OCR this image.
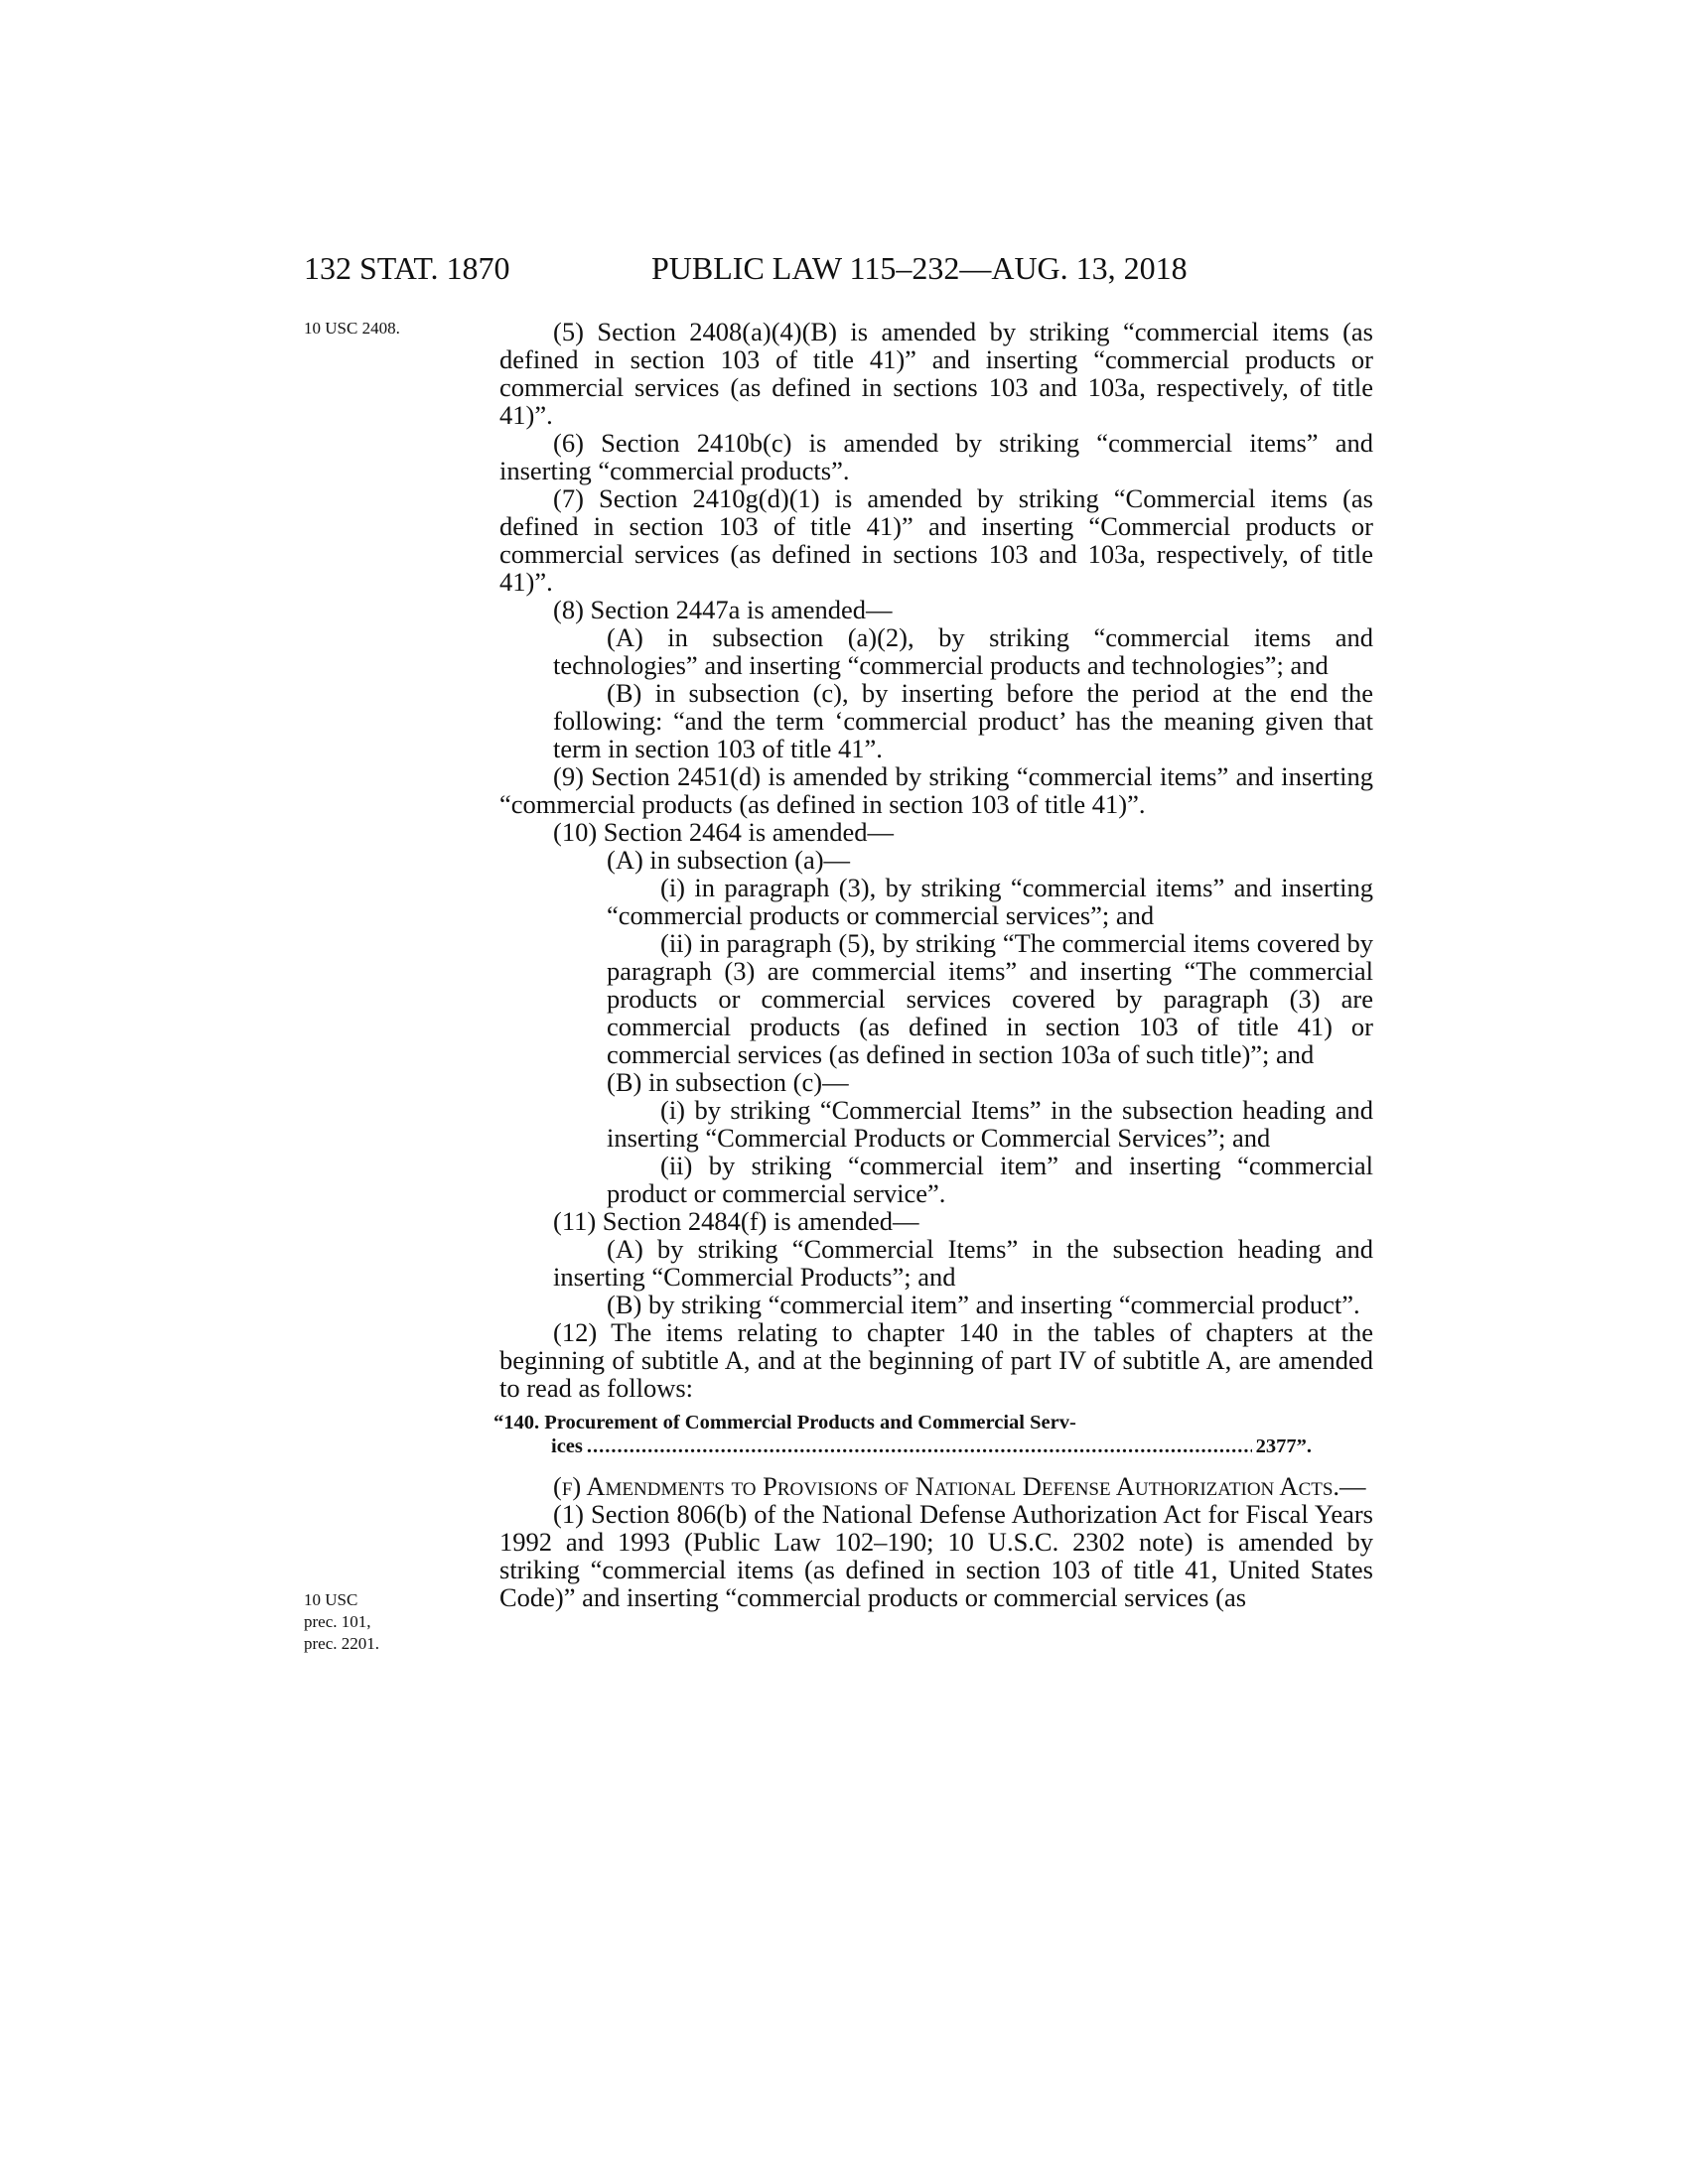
132 STAT. 1870	PUBLIC LAW 115–232—AUG. 13, 2018
10 USC 2408.
10 USC
prec. 101,
prec. 2201.

(5) Section 2408(a)(4)(B) is amended by striking “commercial items (as defined in section 103 of title 41)” and inserting “commercial products or commercial services (as defined in sections 103 and 103a, respectively, of title 41)”.

(6) Section 2410b(c) is amended by striking “commercial items” and inserting “commercial products”.

(7) Section 2410g(d)(1) is amended by striking “Commercial items (as defined in section 103 of title 41)” and inserting “Commercial products or commercial services (as defined in sections 103 and 103a, respectively, of title 41)”.

(8) Section 2447a is amended—

(A) in subsection (a)(2), by striking “commercial items and technologies” and inserting “commercial products and technologies”; and

(B) in subsection (c), by inserting before the period at the end the following: “and the term ‘commercial product’ has the meaning given that term in section 103 of title 41”.

(9) Section 2451(d) is amended by striking “commercial items” and inserting “commercial products (as defined in section 103 of title 41)”.

(10) Section 2464 is amended—

(A) in subsection (a)—

(i) in paragraph (3), by striking “commercial items” and inserting “commercial products or commercial services”; and

(ii) in paragraph (5), by striking “The commercial items covered by paragraph (3) are commercial items” and inserting “The commercial products or commercial services covered by paragraph (3) are commercial products (as defined in section 103 of title 41) or commercial services (as defined in section 103a of such title)”; and

(B) in subsection (c)—

(i) by striking “Commercial Items” in the subsection heading and inserting “Commercial Products or Commercial Services”; and

(ii) by striking “commercial item” and inserting “commercial product or commercial service”.

(11) Section 2484(f) is amended—

(A) by striking “Commercial Items” in the subsection heading and inserting “Commercial Products”; and

(B) by striking “commercial item” and inserting “commercial product”.

(12) The items relating to chapter 140 in the tables of chapters at the beginning of subtitle A, and at the beginning of part IV of subtitle A, are amended to read as follows:

“140. Procurement of Commercial Products and Commercial Serv-
ices .....	2377”.

(f) Amendments to Provisions of National Defense Authorization Acts.—

(1) Section 806(b) of the National Defense Authorization Act for Fiscal Years 1992 and 1993 (Public Law 102–190; 10 U.S.C. 2302 note) is amended by striking “commercial items (as defined in section 103 of title 41, United States Code)” and inserting “commercial products or commercial services (as
